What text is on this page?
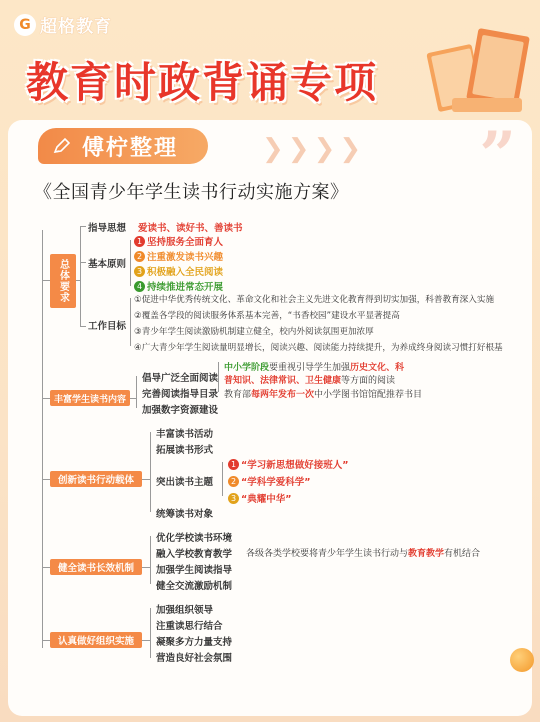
G 超格教育
教育时政背诵专项
傅柠整理	❯ ❯ ❯ ❯ ”
《全国青少年学生读书行动实施方案》
总体要求
指导思想 爱读书、读好书、善读书
基本原则
1 坚持服务全面育人
2 注重激发读书兴趣
3 积极融入全民阅读
4 持续推进常态开展
工作目标
①促进中华优秀传统文化、革命文化和社会主义先进文化教育得到切实加强，科普教育深入实施
②覆盖各学段的阅读服务体系基本完善，“书香校园”建设水平显著提高
③青少年学生阅读激励机制建立健全，校内外阅读氛围更加浓厚
④广大青少年学生阅读量明显增长，阅读兴趣、阅读能力持续提升，为养成终身阅读习惯打好根基
丰富学生读书内容
倡导广泛全面阅读
完善阅读指导目录
加强数字资源建设
中小学阶段要重视引导学生加强历史文化、科
普知识、法律常识、卫生健康等方面的阅读
教育部每两年发布一次中小学图书馆馆配推荐书目
创新读书行动载体
丰富读书活动
拓展读书形式
突出读书主题
统筹读书对象
1 “学习新思想做好接班人”
2 “学科学爱科学”
3 “典耀中华”
健全读书长效机制
优化学校读书环境
融入学校教育教学
加强学生阅读指导
健全交流激励机制
各级各类学校要将青少年学生读书行动与教育教学有机结合
认真做好组织实施
加强组织领导
注重读思行结合
凝聚多方力量支持
营造良好社会氛围
